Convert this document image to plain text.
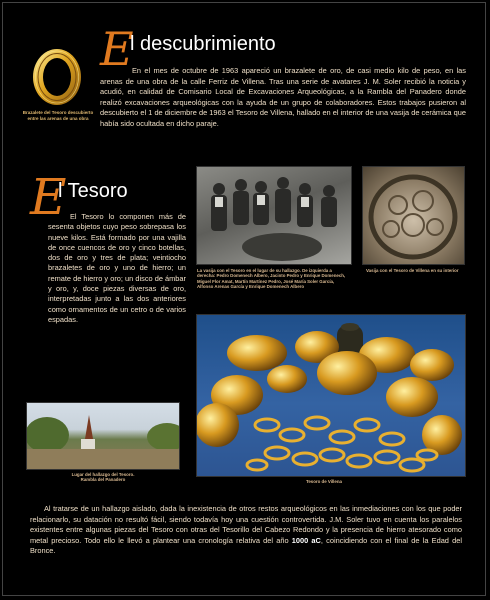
Brazalete del Tesoro descubierto entre las arenas de una obra
E
l descubrimiento
En el mes de octubre de 1963 apareció un brazalete de oro, de casi medio kilo de peso, en las arenas de una obra de la calle Ferriz de Villena. Tras una serie de avatares J. M. Soler recibió la noticia y acudió, en calidad de Comisario Local de Excavaciones Arqueológicas, a la Rambla del Panadero donde realizó excavaciones arqueológicas con la ayuda de un grupo de colaboradores. Estos trabajos pusieron al descubierto el 1 de diciembre de 1963 el Tesoro de Villena, hallado en el interior de una vasija de cerámica que había sido ocultada en dicho paraje.
E
l Tesoro
El Tesoro lo componen más de sesenta objetos cuyo peso sobrepasa los nueve kilos. Está formado por una vajilla de once cuencos de oro y cinco botellas, dos de oro y tres de plata; veintiocho brazaletes de oro y uno de hierro; un remate de hierro y oro; un disco de ámbar y oro, y, doce piezas diversas de oro, interpretadas junto a las dos anteriores como ornamentos de un cetro o de varios espadas.
La vasija con el Tesoro en el lugar de su hallazgo. De izquierda a derecha: Pedro Domenech Albero, Jacinto Pedro y Enrique Domenech, Miguel Flor Amat, Martín Martínez Pedro, José María Soler García, Alfonso Arenas García y Enrique Domenech Albero
Vasija con el Tesoro de Villena en su interior
Tesoro de Villena
Lugar del hallazgo del Tesoro. Rambla del Panadero
Al tratarse de un hallazgo aislado, dada la inexistencia de otros restos arqueológicos en las inmediaciones con los que poder relacionarlo, su datación no resultó fácil, siendo todavía hoy una cuestión controvertida. J.M. Soler tuvo en cuenta los paralelos existentes entre algunas piezas del Tesoro con otras del Tesorillo del Cabezo Redondo y la presencia de hierro atesorado como metal precioso. Todo ello le llevó a plantear una cronología relativa del año 1000 aC, coincidiendo con el final de la Edad del Bronce.
